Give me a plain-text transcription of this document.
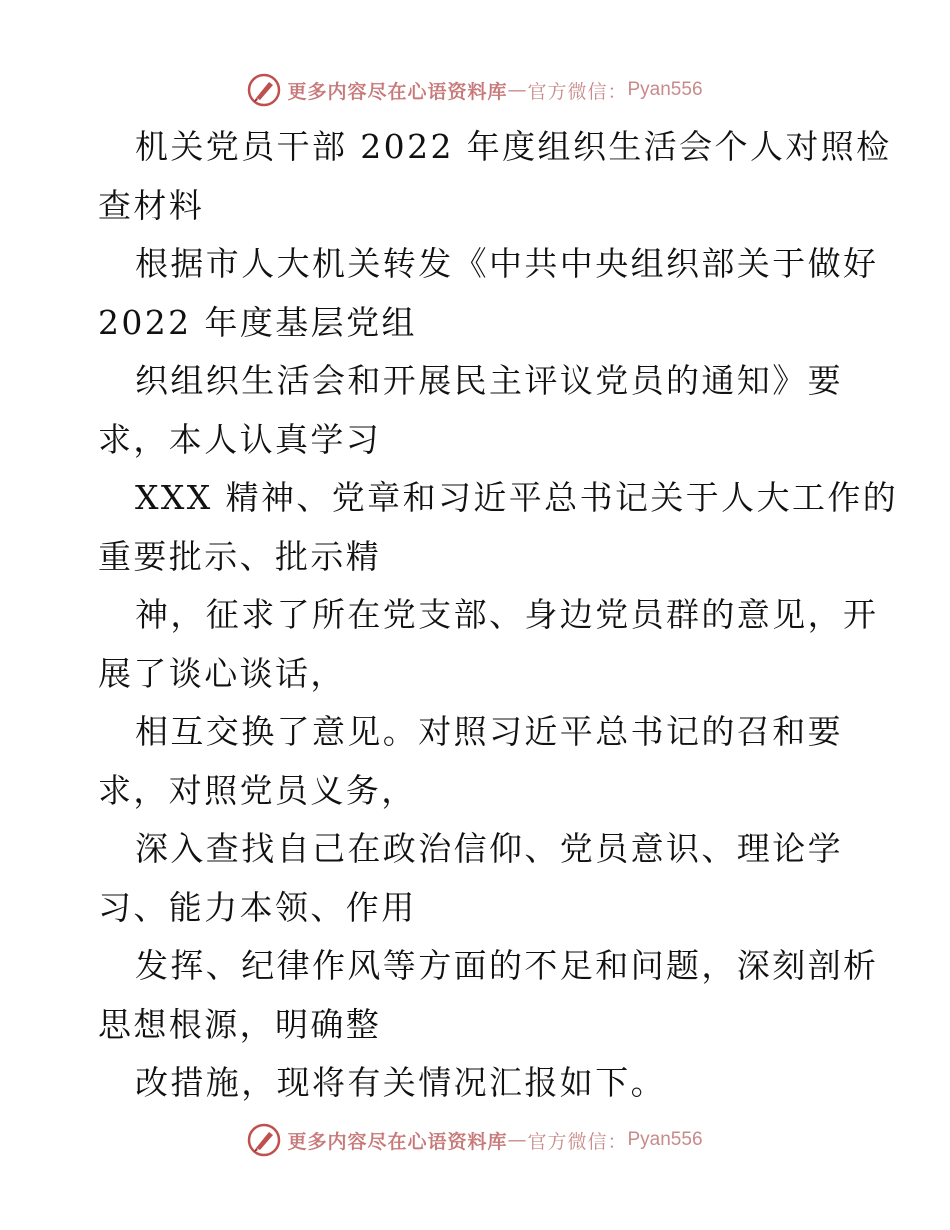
更多内容尽在心语资料库 — 官方微信： Pyan556
机关党员干部 2022 年度组织生活会个人对照检
查材料
根据市人大机关转发《中共中央组织部关于做好
2022 年度基层党组
织组织生活会和开展民主评议党员的通知》要
求，本人认真学习
XXX 精神、党章和习近平总书记关于人大工作的
重要批示、批示精
神，征求了所在党支部、身边党员群的意见，开
展了谈心谈话，
相互交换了意见。对照习近平总书记的召和要
求，对照党员义务，
深入查找自己在政治信仰、党员意识、理论学
习、能力本领、作用
发挥、纪律作风等方面的不足和问题，深刻剖析
思想根源，明确整
改措施，现将有关情况汇报如下。
更多内容尽在心语资料库 — 官方微信： Pyan556
